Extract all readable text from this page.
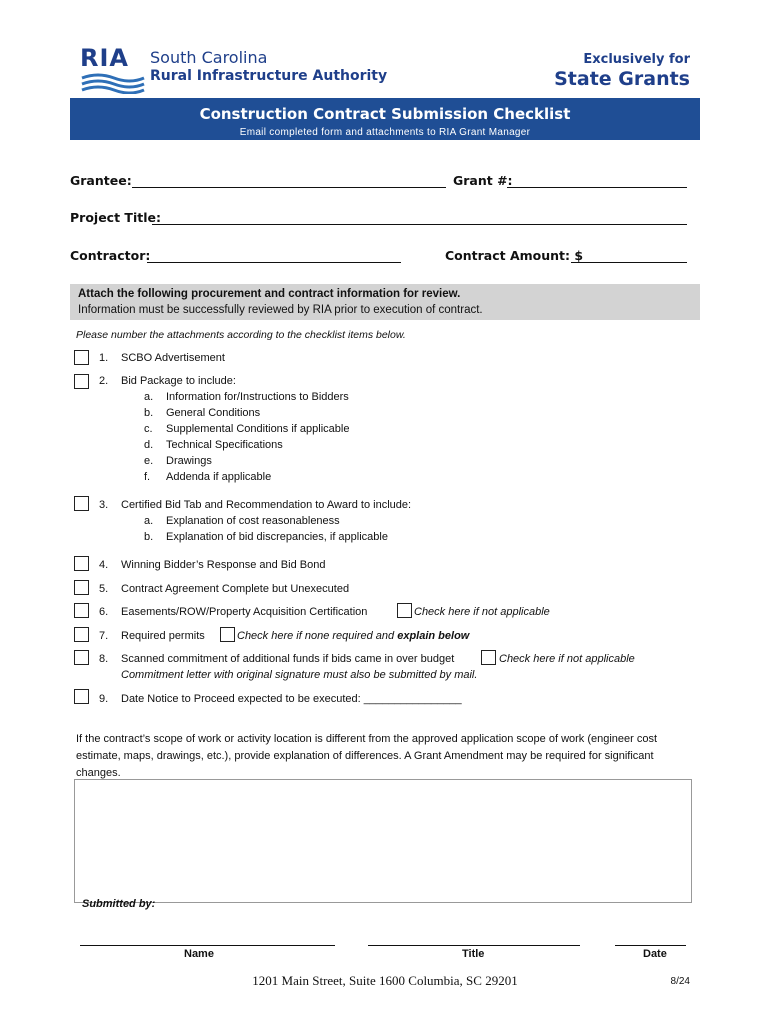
RIA South Carolina
Rural Infrastructure Authority
Exclusively for
State Grants
Construction Contract Submission Checklist
Email completed form and attachments to RIA Grant Manager
Grantee:	Grant #:
Project Title:
Contractor:	Contract Amount: $
Attach the following procurement and contract information for review.
Information must be successfully reviewed by RIA prior to execution of contract.
Please number the attachments according to the checklist items below.
1. SCBO Advertisement
2. Bid Package to include:
a. Information for/Instructions to Bidders
b. General Conditions
c. Supplemental Conditions if applicable
d. Technical Specifications
e. Drawings
f. Addenda if applicable
3. Certified Bid Tab and Recommendation to Award to include:
a. Explanation of cost reasonableness
b. Explanation of bid discrepancies, if applicable
4. Winning Bidder’s Response and Bid Bond
5. Contract Agreement Complete but Unexecuted
6. Easements/ROW/Property Acquisition Certification	Check here if not applicable
7. Required permits	Check here if none required and explain below
8. Scanned commitment of additional funds if bids came in over budget	Check here if not applicable
Commitment letter with original signature must also be submitted by mail.
9. Date Notice to Proceed expected to be executed: ________________
If the contract’s scope of work or activity location is different from the approved application scope of work (engineer cost estimate, maps, drawings, etc.), provide explanation of differences. A Grant Amendment may be required for significant changes.
Submitted by:
Name	Title	Date
1201 Main Street, Suite 1600 Columbia, SC 29201	8/24
